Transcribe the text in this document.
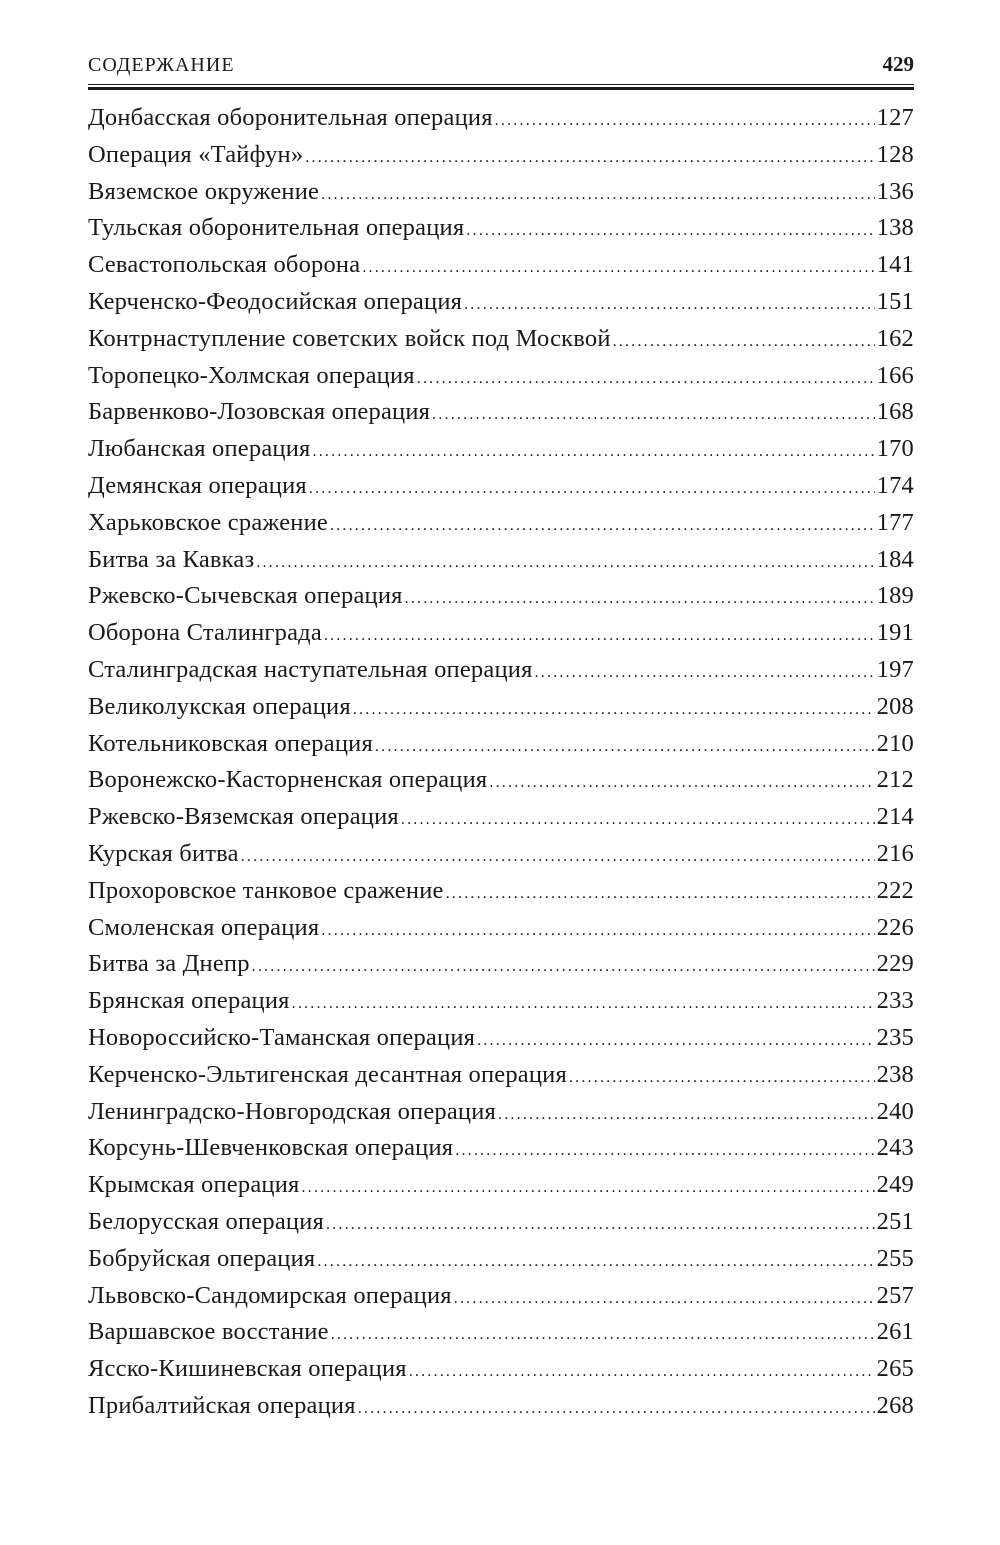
СОДЕРЖАНИЕ	429
Донбасская оборонительная операция .....	127
Операция «Тайфун» .....	128
Вяземское окружение .....	136
Тульская оборонительная операция .....	138
Севастопольская оборона .....	141
Керченско-Феодосийская операция .....	151
Контрнаступление советских войск под Москвой .....	162
Торопецко-Холмская операция .....	166
Барвенково-Лозовская операция .....	168
Любанская операция .....	170
Демянская операция .....	174
Харьковское сражение .....	177
Битва за Кавказ .....	184
Ржевско-Сычевская операция .....	189
Оборона Сталинграда .....	191
Сталинградская наступательная операция .....	197
Великолукская операция .....	208
Котельниковская операция .....	210
Воронежско-Касторненская операция .....	212
Ржевско-Вяземская операция .....	214
Курская битва .....	216
Прохоровское танковое сражение .....	222
Смоленская операция .....	226
Битва за Днепр .....	229
Брянская операция .....	233
Новороссийско-Таманская операция .....	235
Керченско-Эльтигенская десантная операция .....	238
Ленинградско-Новгородская операция .....	240
Корсунь-Шевченковская операция .....	243
Крымская операция .....	249
Белорусская операция .....	251
Бобруйская операция .....	255
Львовско-Сандомирская операция .....	257
Варшавское восстание .....	261
Ясско-Кишиневская операция .....	265
Прибалтийская операция .....	268
